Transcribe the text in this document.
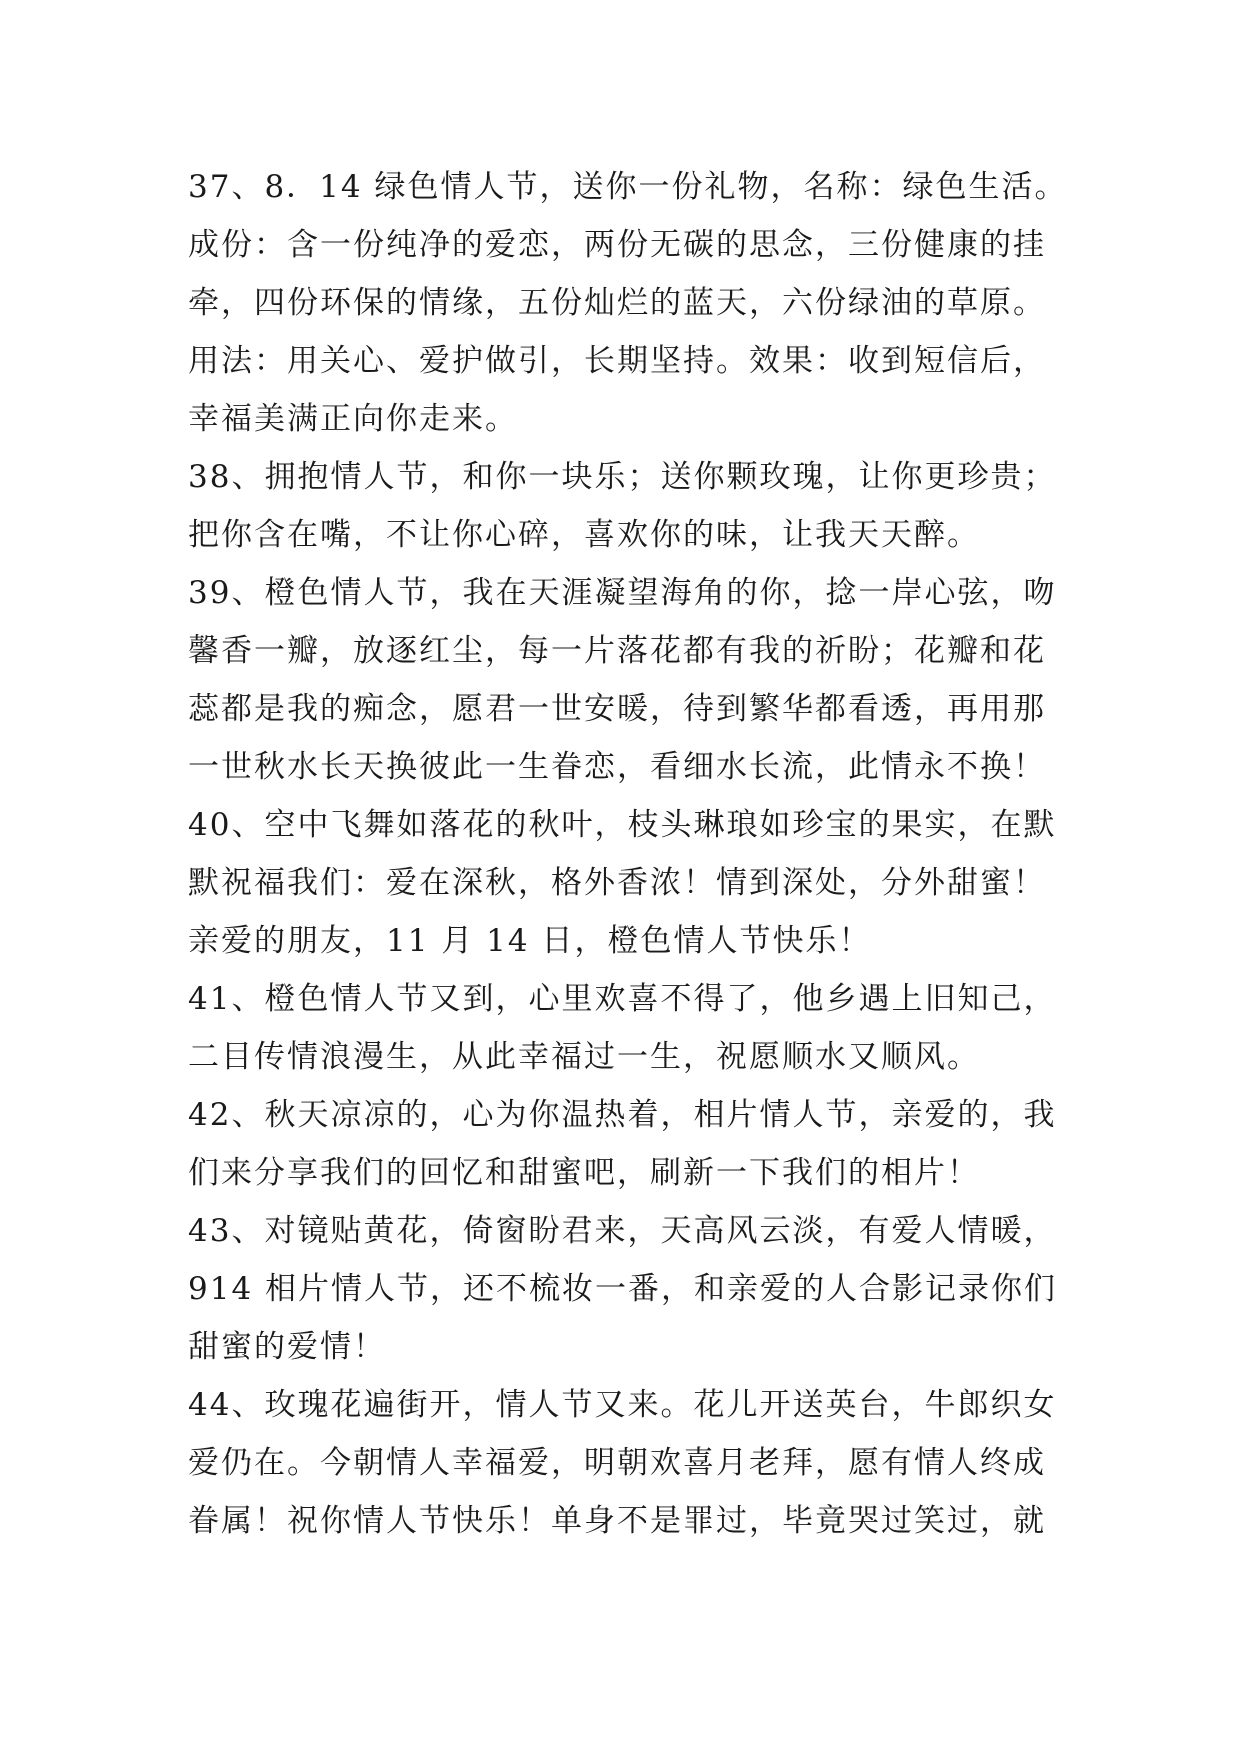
37、8．14 绿色情人节，送你一份礼物，名称：绿色生活。
成份：含一份纯净的爱恋，两份无碳的思念，三份健康的挂
牵，四份环保的情缘，五份灿烂的蓝天，六份绿油的草原。
用法：用关心、爱护做引，长期坚持。效果：收到短信后，
幸福美满正向你走来。
38、拥抱情人节，和你一块乐；送你颗玫瑰，让你更珍贵；
把你含在嘴，不让你心碎，喜欢你的味，让我天天醉。
39、橙色情人节，我在天涯凝望海角的你，捻一岸心弦，吻
馨香一瓣，放逐红尘，每一片落花都有我的祈盼；花瓣和花
蕊都是我的痴念，愿君一世安暖，待到繁华都看透，再用那
一世秋水长天换彼此一生眷恋，看细水长流，此情永不换！
40、空中飞舞如落花的秋叶，枝头琳琅如珍宝的果实，在默
默祝福我们：爱在深秋，格外香浓！情到深处，分外甜蜜！
亲爱的朋友，11 月 14 日，橙色情人节快乐！
41、橙色情人节又到，心里欢喜不得了，他乡遇上旧知己，
二目传情浪漫生，从此幸福过一生，祝愿顺水又顺风。
42、秋天凉凉的，心为你温热着，相片情人节，亲爱的，我
们来分享我们的回忆和甜蜜吧，刷新一下我们的相片！
43、对镜贴黄花，倚窗盼君来，天高风云淡，有爱人情暖，
914 相片情人节，还不梳妆一番，和亲爱的人合影记录你们
甜蜜的爱情！
44、玫瑰花遍街开，情人节又来。花儿开送英台，牛郎织女
爱仍在。今朝情人幸福爱，明朝欢喜月老拜，愿有情人终成
眷属！祝你情人节快乐！单身不是罪过，毕竟哭过笑过，就
